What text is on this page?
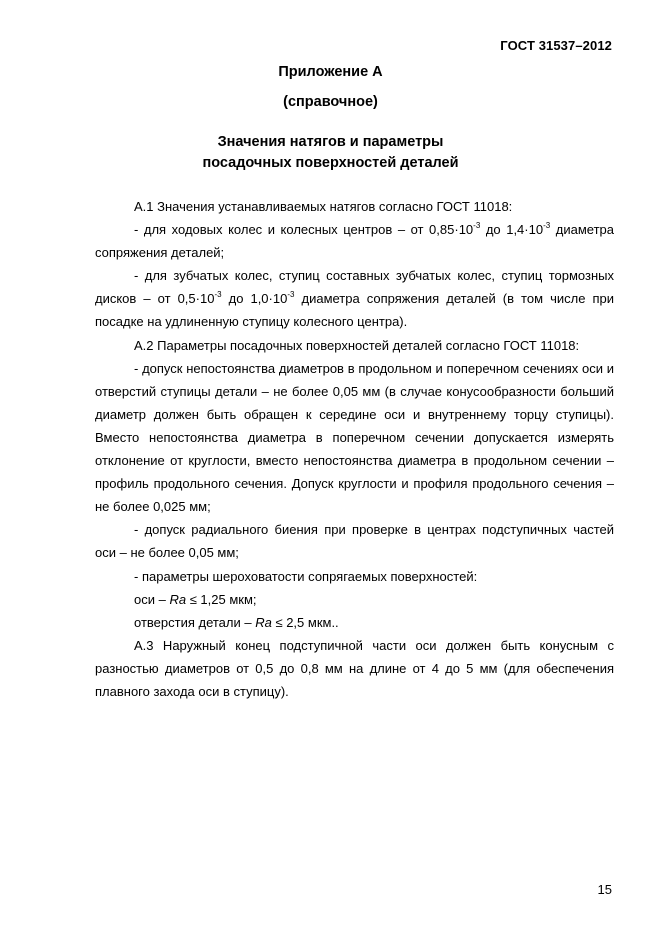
ГОСТ 31537–2012
Приложение А
(справочное)
Значения натягов и параметры
посадочных поверхностей деталей

А.1 Значения устанавливаемых натягов согласно ГОСТ 11018:

- для ходовых колес и колесных центров – от $0,85\cdot 10^{-3}$ до $1,4\cdot 10^{-3}$ диаметра сопряжения деталей;

- для зубчатых колес, ступиц составных зубчатых колес, ступиц тормозных дисков – от $0,5\cdot 10^{-3}$ до $1,0\cdot 10^{-3}$ диаметра сопряжения деталей (в том числе при посадке на удлиненную ступицу колесного центра).

А.2 Параметры посадочных поверхностей деталей согласно ГОСТ 11018:

- допуск непостоянства диаметров в продольном и поперечном сечениях оси и отверстий ступицы детали – не более 0,05 мм (в случае конусообразности больший диаметр должен быть обращен к середине оси и внутреннему торцу ступицы). Вместо непостоянства диаметра в поперечном сечении допускается измерять отклонение от круглости, вместо непостоянства диаметра в продольном сечении – профиль продольного сечения. Допуск круглости и профиля продольного сечения – не более 0,025 мм;

- допуск радиального биения при проверке в центрах подступичных частей оси – не более 0,05 мм;

- параметры шероховатости сопрягаемых поверхностей:

оси – Ra ≤ 1,25 мкм;

отверстия детали – Ra ≤ 2,5 мкм..

А.3 Наружный конец подступичной части оси должен быть конусным с разностью диаметров от 0,5 до 0,8 мм на длине от 4 до 5 мм (для обеспечения плавного захода оси в ступицу).

15
